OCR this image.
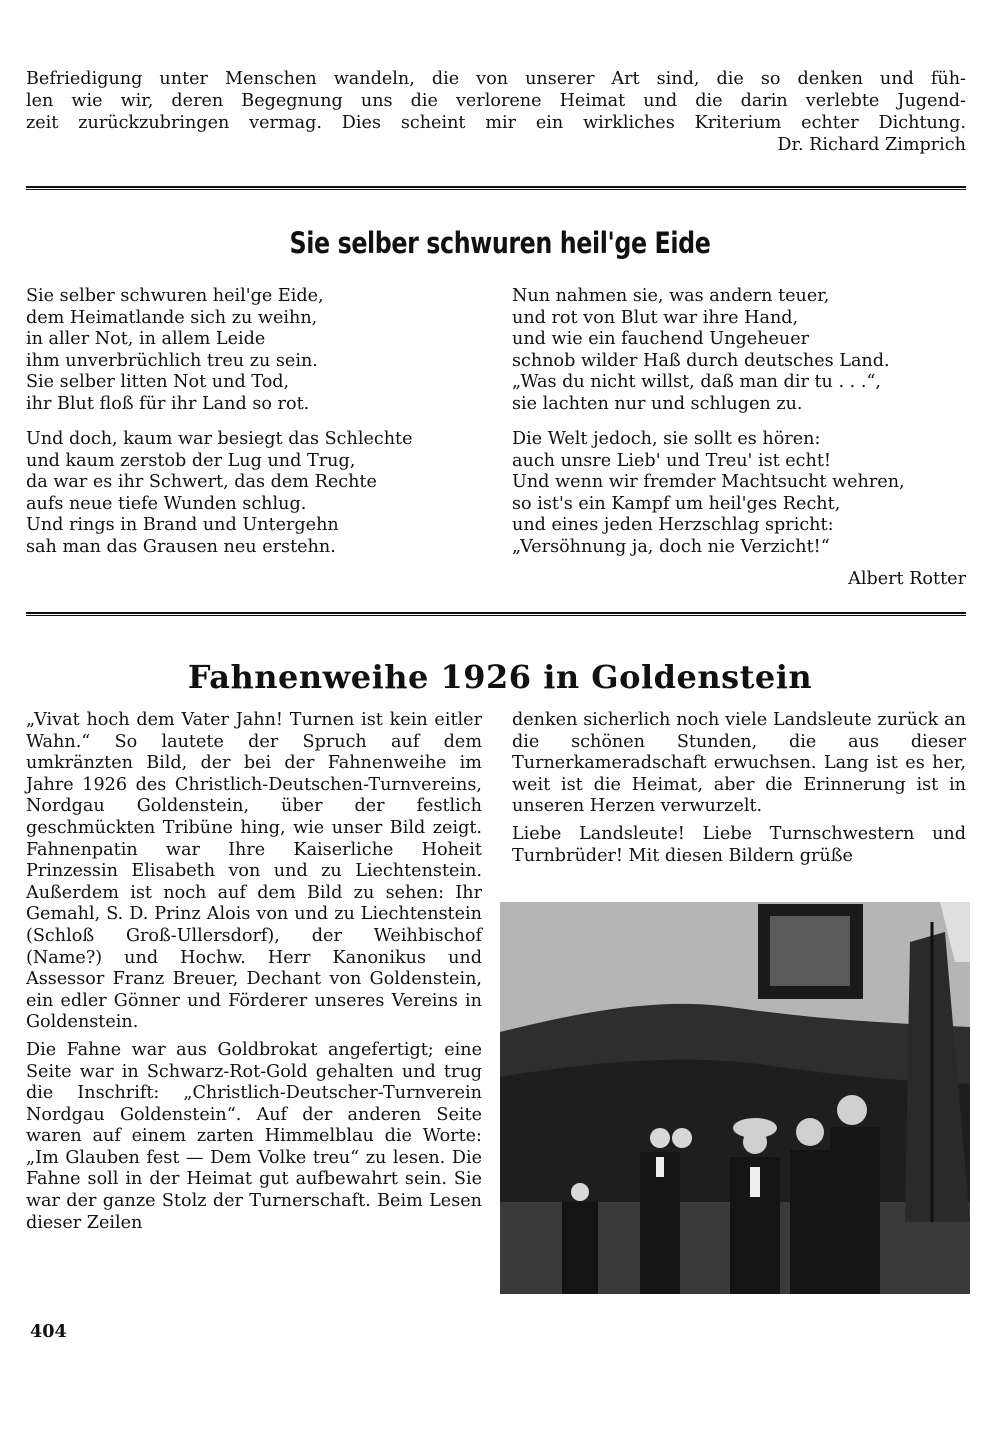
Befriedigung unter Menschen wandeln, die von unserer Art sind, die so denken und füh-

len wie wir, deren Begegnung uns die verlorene Heimat und die darin verlebte Jugend-

zeit zurückzubringen vermag. Dies scheint mir ein wirkliches Kriterium echter Dichtung.

Dr. Richard Zimprich
Sie selber schwuren heil'ge Eide
Sie selber schwuren heil'ge Eide,
dem Heimatlande sich zu weihn,
in aller Not, in allem Leide
ihm unverbrüchlich treu zu sein.
Sie selber litten Not und Tod,
ihr Blut floß für ihr Land so rot.
Und doch, kaum war besiegt das Schlechte
und kaum zerstob der Lug und Trug,
da war es ihr Schwert, das dem Rechte
aufs neue tiefe Wunden schlug.
Und rings in Brand und Untergehn
sah man das Grausen neu erstehn.
Nun nahmen sie, was andern teuer,
und rot von Blut war ihre Hand,
und wie ein fauchend Ungeheuer
schnob wilder Haß durch deutsches Land.
„Was du nicht willst, daß man dir tu . . .“,
sie lachten nur und schlugen zu.
Die Welt jedoch, sie sollt es hören:
auch unsre Lieb' und Treu' ist echt!
Und wenn wir fremder Machtsucht wehren,
so ist's ein Kampf um heil'ges Recht,
und eines jeden Herzschlag spricht:
„Versöhnung ja, doch nie Verzicht!“
Albert Rotter
Fahnenweihe 1926 in Goldenstein

„Vivat hoch dem Vater Jahn! Turnen ist kein eitler Wahn.“ So lautete der Spruch auf dem umkränzten Bild, der bei der Fahnenweihe im Jahre 1926 des Christlich-Deutschen-Turnvereins, Nordgau Goldenstein, über der festlich geschmückten Tribüne hing, wie unser Bild zeigt. Fahnenpatin war Ihre Kaiserliche Hoheit Prinzessin Elisabeth von und zu Liechtenstein. Außerdem ist noch auf dem Bild zu sehen: Ihr Gemahl, S. D. Prinz Alois von und zu Liechtenstein (Schloß Groß-Ullersdorf), der Weihbischof (Name?) und Hochw. Herr Kanonikus und Assessor Franz Breuer, Dechant von Goldenstein, ein edler Gönner und Förderer unseres Vereins in Goldenstein.

Die Fahne war aus Goldbrokat angefertigt; eine Seite war in Schwarz-Rot-Gold gehalten und trug die Inschrift: „Christlich-Deutscher-Turnverein Nordgau Goldenstein“. Auf der anderen Seite waren auf einem zarten Himmelblau die Worte: „Im Glauben fest — Dem Volke treu“ zu lesen. Die Fahne soll in der Heimat gut aufbewahrt sein. Sie war der ganze Stolz der Turnerschaft. Beim Lesen dieser Zeilen

denken sicherlich noch viele Landsleute zurück an die schönen Stunden, die aus dieser Turnerkameradschaft erwuchsen. Lang ist es her, weit ist die Heimat, aber die Erinnerung ist in unseren Herzen verwurzelt.

Liebe Landsleute! Liebe Turnschwestern und Turnbrüder! Mit diesen Bildern grüße

404
